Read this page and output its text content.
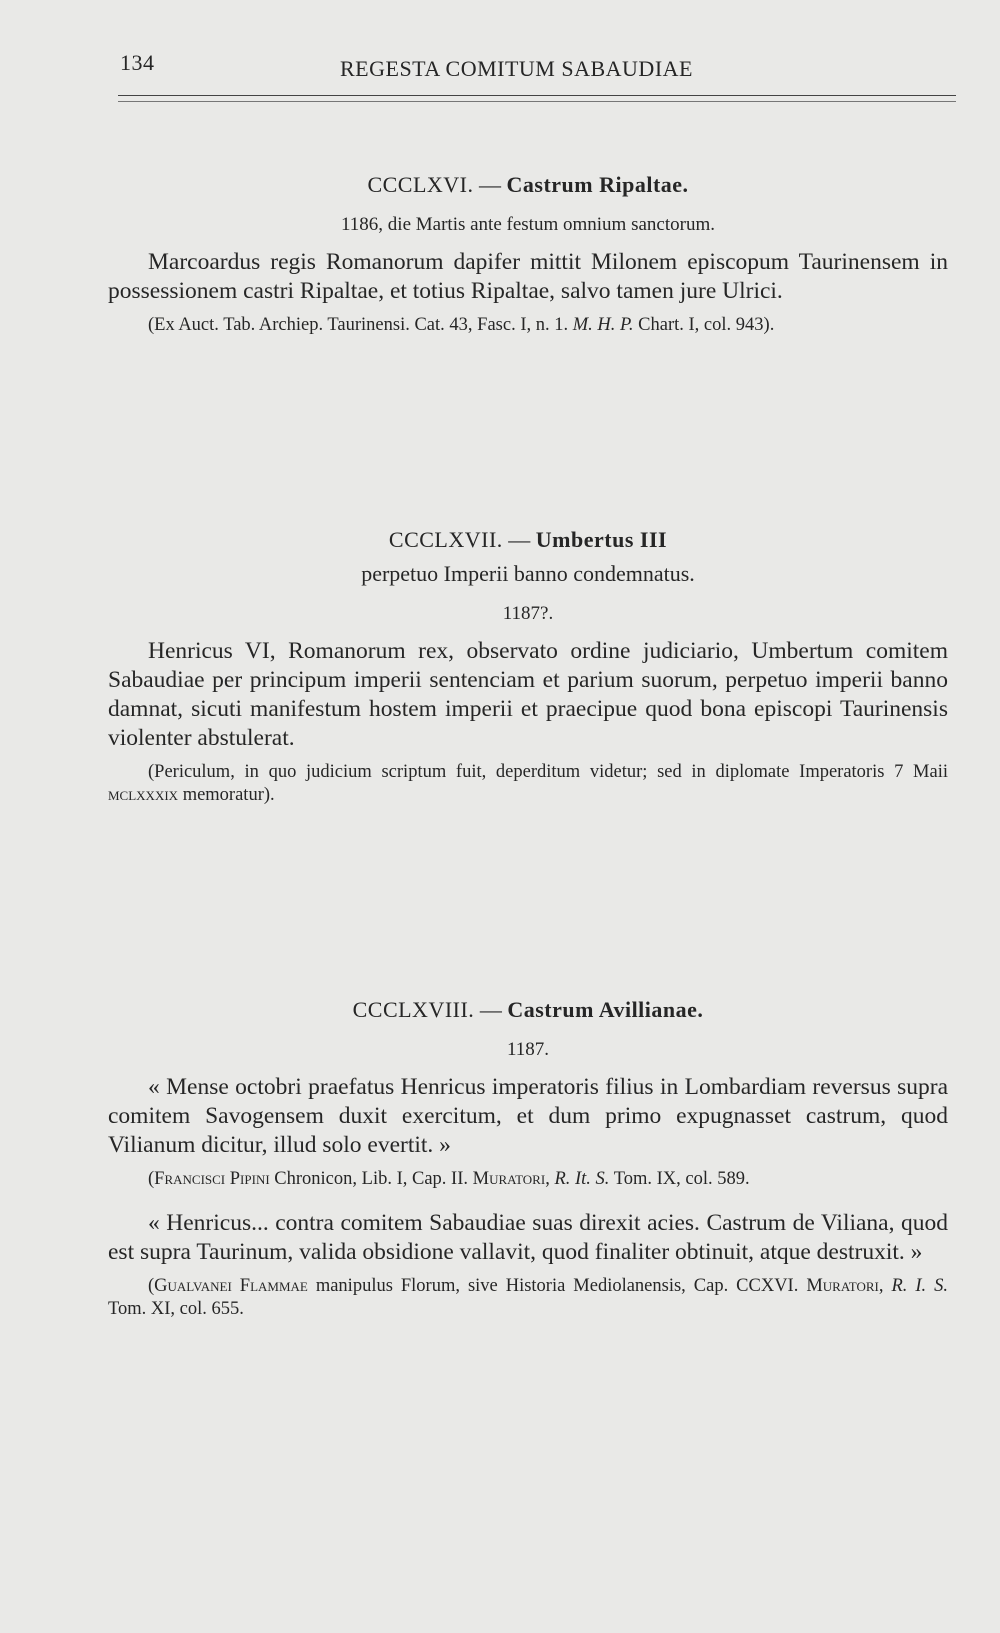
134	REGESTA COMITUM SABAUDIAE
CCCLXVI. — Castrum Ripaltae.
1186, die Martis ante festum omnium sanctorum.
Marcoardus regis Romanorum dapifer mittit Milonem episcopum Taurinensem in possessionem castri Ripaltae, et totius Ripaltae, salvo tamen jure Ulrici.
(Ex Auct. Tab. Archiep. Taurinensi. Cat. 43, Fasc. I, n. 1. M. H. P. Chart. I, col. 943).
CCCLXVII. — Umbertus III
perpetuo Imperii banno condemnatus.
1187?.
Henricus VI, Romanorum rex, observato ordine judiciario, Umbertum comitem Sabaudiae per principum imperii sentenciam et parium suorum, perpetuo imperii banno damnat, sicuti manifestum hostem imperii et praecipue quod bona episcopi Taurinensis violenter abstulerat.
(Periculum, in quo judicium scriptum fuit, deperditum videtur; sed in diplomate Imperatoris 7 Maii mclxxxix memoratur).
CCCLXVIII. — Castrum Avillianae.
1187.
« Mense octobri praefatus Henricus imperatoris filius in Lombardiam reversus supra comitem Savogensem duxit exercitum, et dum primo expugnasset castrum, quod Vilianum dicitur, illud solo evertit. »
(Francisci Pipini Chronicon, Lib. I, Cap. II. Muratori, R. It. S. Tom. IX, col. 589.
« Henricus... contra comitem Sabaudiae suas direxit acies. Castrum de Viliana, quod est supra Taurinum, valida obsidione vallavit, quod finaliter obtinuit, atque destruxit. »
(Gualvanei Flammae manipulus Florum, sive Historia Mediolanensis, Cap. CCXVI. Muratori, R. I. S. Tom. XI, col. 655.
